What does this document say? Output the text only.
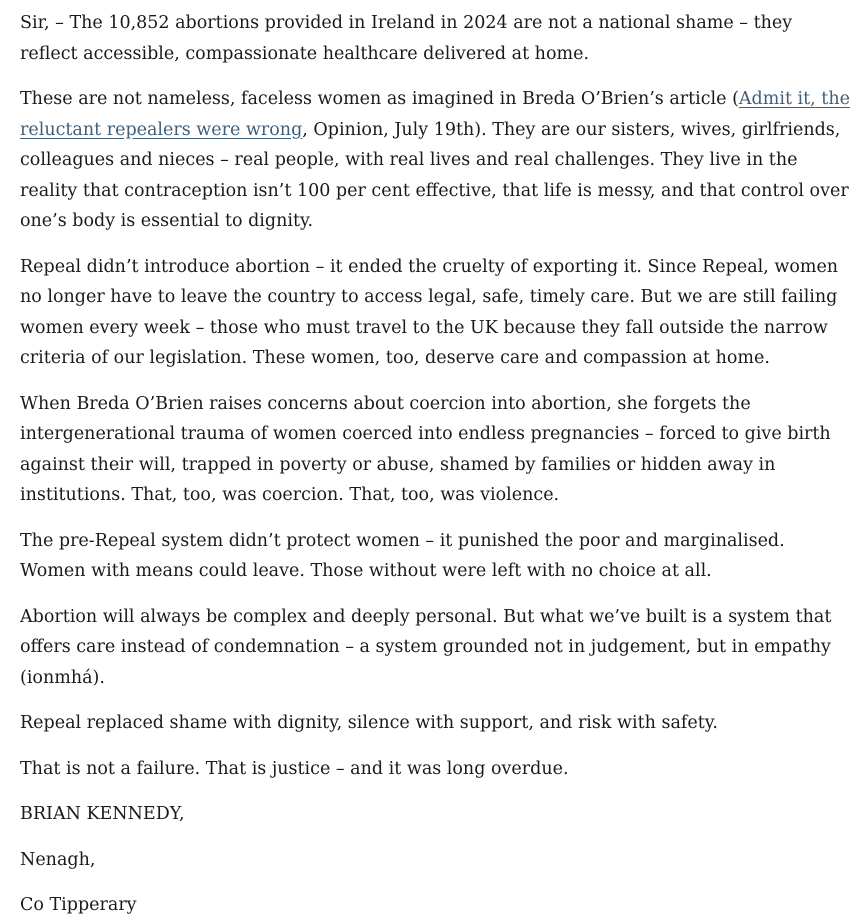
Sir, – The 10,852 abortions provided in Ireland in 2024 are not a national shame – they reflect accessible, compassionate healthcare delivered at home.

These are not nameless, faceless women as imagined in Breda O’Brien’s article (Admit it, the reluctant repealers were wrong, Opinion, July 19th). They are our sisters, wives, girlfriends, colleagues and nieces – real people, with real lives and real challenges. They live in the reality that contraception isn’t 100 per cent effective, that life is messy, and that control over one’s body is essential to dignity.

Repeal didn’t introduce abortion – it ended the cruelty of exporting it. Since Repeal, women no longer have to leave the country to access legal, safe, timely care. But we are still failing women every week – those who must travel to the UK because they fall outside the narrow criteria of our legislation. These women, too, deserve care and compassion at home.

When Breda O’Brien raises concerns about coercion into abortion, she forgets the intergenerational trauma of women coerced into endless pregnancies – forced to give birth against their will, trapped in poverty or abuse, shamed by families or hidden away in institutions. That, too, was coercion. That, too, was violence.

The pre-Repeal system didn’t protect women – it punished the poor and marginalised. Women with means could leave. Those without were left with no choice at all.

Abortion will always be complex and deeply personal. But what we’ve built is a system that offers care instead of condemnation – a system grounded not in judgement, but in empathy (ionmhá).

Repeal replaced shame with dignity, silence with support, and risk with safety.

That is not a failure. That is justice – and it was long overdue.

BRIAN KENNEDY,

Nenagh,

Co Tipperary
